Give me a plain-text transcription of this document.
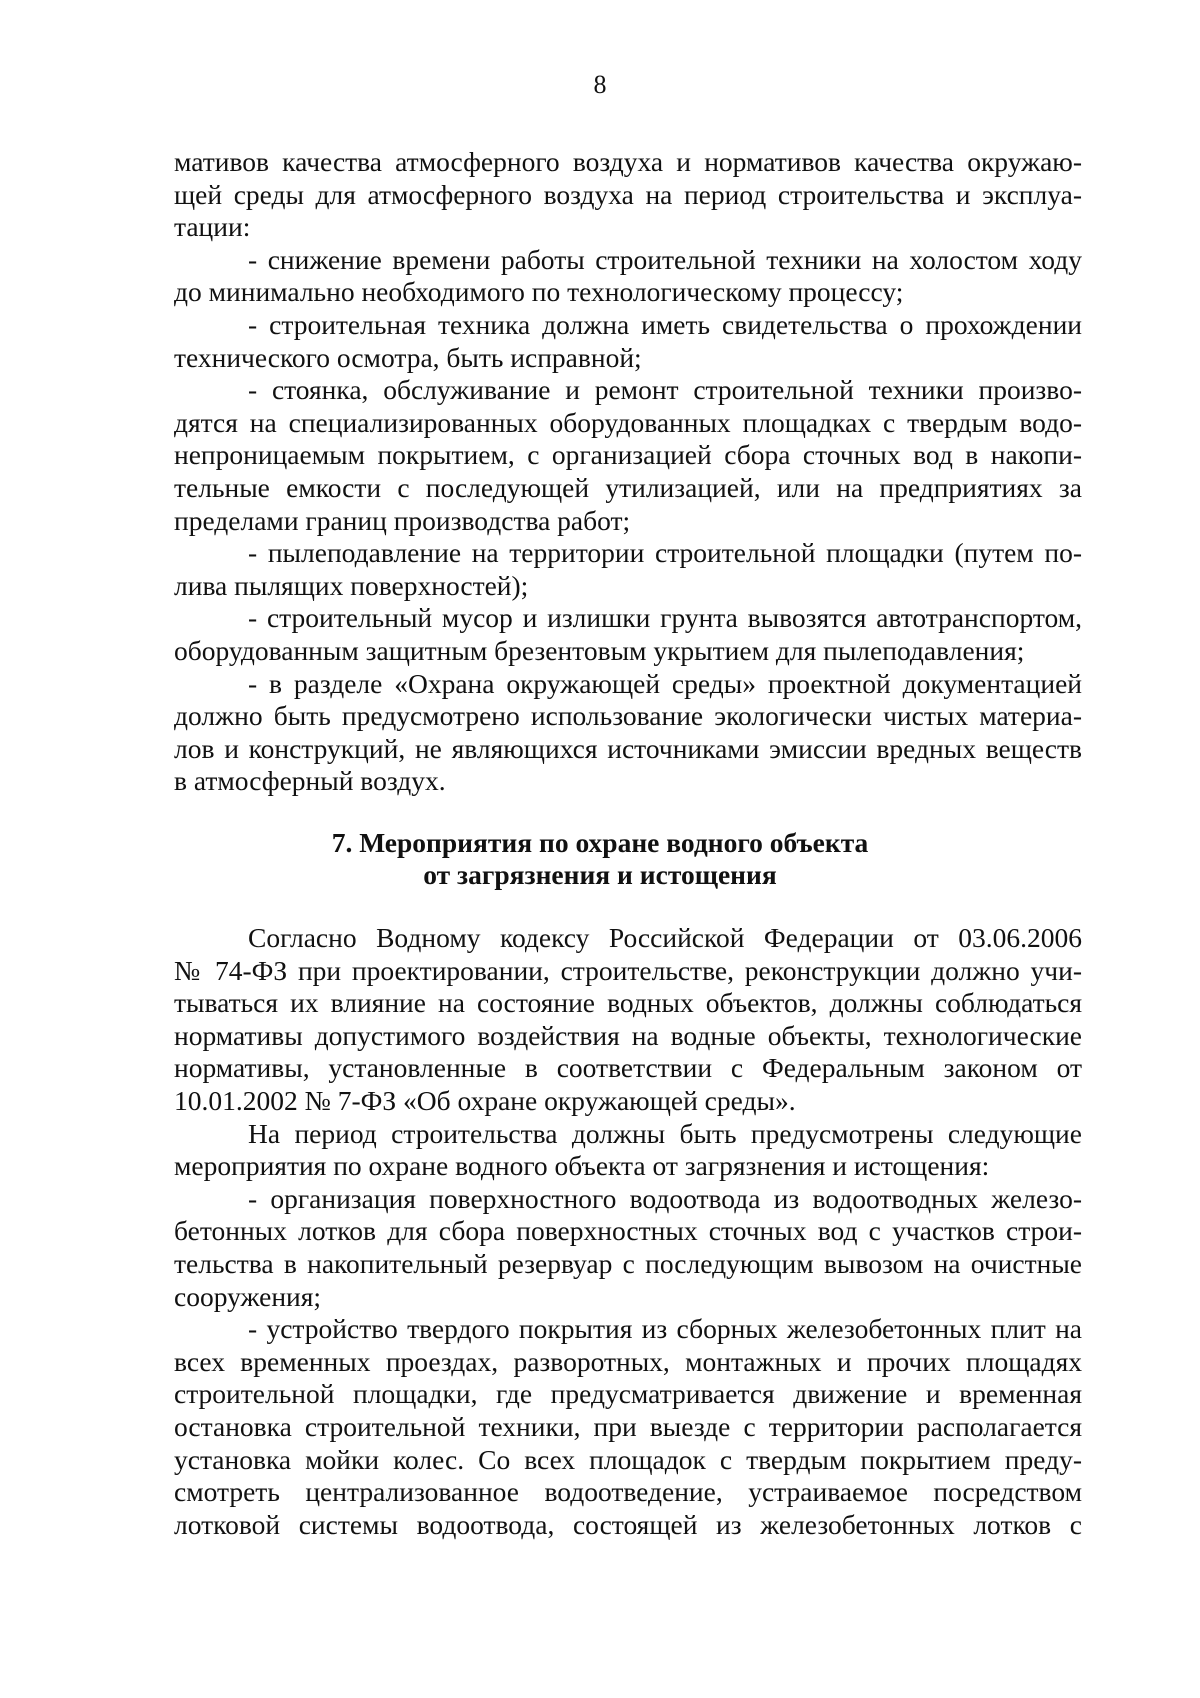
8
мативов качества атмосферного воздуха и нормативов качества окружаю-
щей среды для атмосферного воздуха на период строительства и эксплуа-
тации:
- снижение времени работы строительной техники на холостом ходу
до минимально необходимого по технологическому процессу;
- строительная техника должна иметь свидетельства о прохождении
технического осмотра, быть исправной;
- стоянка, обслуживание и ремонт строительной техники произво-
дятся на специализированных оборудованных площадках с твердым водо-
непроницаемым покрытием, с организацией сбора сточных вод в накопи-
тельные емкости с последующей утилизацией, или на предприятиях за
пределами границ производства работ;
- пылеподавление на территории строительной площадки (путем по-
лива пылящих поверхностей);
- строительный мусор и излишки грунта вывозятся автотранспортом,
оборудованным защитным брезентовым укрытием для пылеподавления;
- в разделе «Охрана окружающей среды» проектной документацией
должно быть предусмотрено использование экологически чистых материа-
лов и конструкций, не являющихся источниками эмиссии вредных веществ
в атмосферный воздух.
7. Мероприятия по охране водного объекта
от загрязнения и истощения
Согласно Водному кодексу Российской Федерации от 03.06.2006
№ 74-ФЗ при проектировании, строительстве, реконструкции должно учи-
тываться их влияние на состояние водных объектов, должны соблюдаться
нормативы допустимого воздействия на водные объекты, технологические
нормативы, установленные в соответствии с Федеральным законом от
10.01.2002 № 7-ФЗ «Об охране окружающей среды».
На период строительства должны быть предусмотрены следующие
мероприятия по охране водного объекта от загрязнения и истощения:
- организация поверхностного водоотвода из водоотводных железо-
бетонных лотков для сбора поверхностных сточных вод с участков строи-
тельства в накопительный резервуар с последующим вывозом на очистные
сооружения;
- устройство твердого покрытия из сборных железобетонных плит на
всех временных проездах, разворотных, монтажных и прочих площадях
строительной площадки, где предусматривается движение и временная
остановка строительной техники, при выезде с территории располагается
установка мойки колес. Со всех площадок с твердым покрытием преду-
смотреть централизованное водоотведение, устраиваемое посредством
лотковой системы водоотвода, состоящей из железобетонных лотков с
